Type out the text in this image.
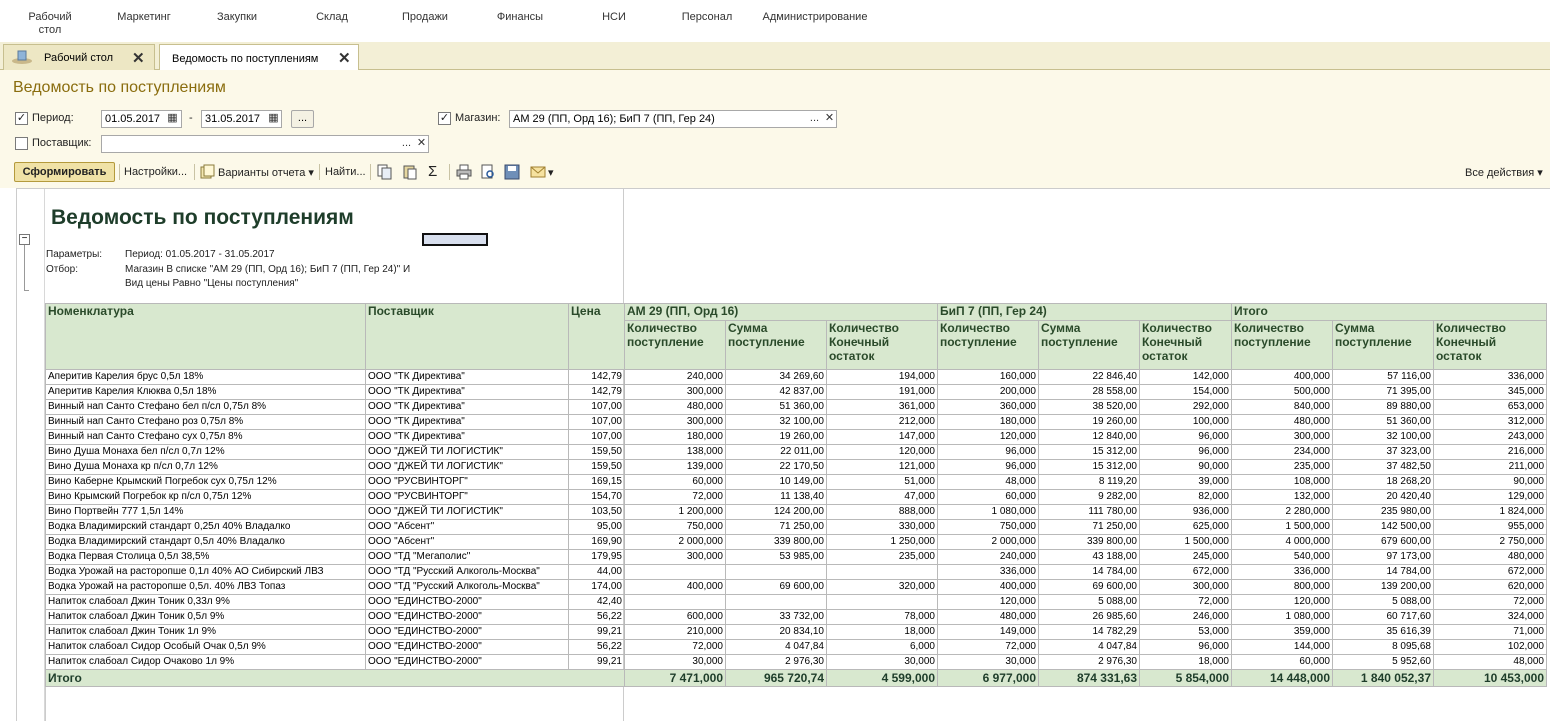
Рабочий стол
Маркетинг	Закупки	Склад	Продажи	Финансы	НСИ	Персонал	Администрирование
Рабочий стол ✕ Ведомость по поступлениям ✕
Ведомость по поступлениям
✓ Период:	01.05.2017 ▦ -	31.05.2017 ▦	...	✓ Магазин:	АМ 29 (ПП, Орд 16); БиП 7 (ПП, Гер 24)	... ✕
Поставщик:	... ✕
Сформировать	Настройки...	Варианты отчета ▾ Найти...	Σ	▾	Все действия ▾
−
Ведомость по поступлениям
Параметры: Период: 01.05.2017 - 31.05.2017
Отбор:	Магазин В списке "АМ 29 (ПП, Орд 16); БиП 7 (ПП, Гер 24)" И
Вид цены Равно "Цены поступления"
Номенклатура	Поставщик	Цена	АМ 29 (ПП, Орд 16)			БиП 7 (ПП, Гер 24)			Итого		
			Количество поступление	Сумма поступление	Количество Конечный остаток	Количество поступление	Сумма поступление	Количество Конечный остаток	Количество поступление	Сумма поступление	Количество Конечный остаток
Аперитив Карелия брус 0,5л 18%	ООО "ТК Директива"	142,79	240,000	34 269,60	194,000	160,000	22 846,40	142,000	400,000	57 116,00	336,000
Аперитив Карелия Клюква 0,5л 18%	ООО "ТК Директива"	142,79	300,000	42 837,00	191,000	200,000	28 558,00	154,000	500,000	71 395,00	345,000
Винный нап Санто Стефано бел п/сл 0,75л 8%	ООО "ТК Директива"	107,00	480,000	51 360,00	361,000	360,000	38 520,00	292,000	840,000	89 880,00	653,000
Винный нап Санто Стефано роз 0,75л 8%	ООО "ТК Директива"	107,00	300,000	32 100,00	212,000	180,000	19 260,00	100,000	480,000	51 360,00	312,000
Винный нап Санто Стефано сух 0,75л 8%	ООО "ТК Директива"	107,00	180,000	19 260,00	147,000	120,000	12 840,00	96,000	300,000	32 100,00	243,000
Вино Душа Монаха бел п/сл 0,7л 12%	ООО "ДЖЕЙ ТИ ЛОГИСТИК"	159,50	138,000	22 011,00	120,000	96,000	15 312,00	96,000	234,000	37 323,00	216,000
Вино Душа Монаха кр п/сл 0,7л 12%	ООО "ДЖЕЙ ТИ ЛОГИСТИК"	159,50	139,000	22 170,50	121,000	96,000	15 312,00	90,000	235,000	37 482,50	211,000
Вино Каберне Крымский Погребок сух 0,75л 12%	ООО "РУСВИНТОРГ"	169,15	60,000	10 149,00	51,000	48,000	8 119,20	39,000	108,000	18 268,20	90,000
Вино Крымский Погребок кр п/сл 0,75л 12%	ООО "РУСВИНТОРГ"	154,70	72,000	11 138,40	47,000	60,000	9 282,00	82,000	132,000	20 420,40	129,000
Вино Портвейн 777 1,5л 14%	ООО "ДЖЕЙ ТИ ЛОГИСТИК"	103,50	1 200,000	124 200,00	888,000	1 080,000	111 780,00	936,000	2 280,000	235 980,00	1 824,000
Водка Владимирский стандарт 0,25л 40% Владалко	ООО "Абсент"	95,00	750,000	71 250,00	330,000	750,000	71 250,00	625,000	1 500,000	142 500,00	955,000
Водка Владимирский стандарт 0,5л 40% Владалко	ООО "Абсент"	169,90	2 000,000	339 800,00	1 250,000	2 000,000	339 800,00	1 500,000	4 000,000	679 600,00	2 750,000
Водка Первая Столица 0,5л 38,5%	ООО "ТД "Мегаполис"	179,95	300,000	53 985,00	235,000	240,000	43 188,00	245,000	540,000	97 173,00	480,000
Водка Урожай на расторопше 0,1л 40% АО Сибирский ЛВЗ	ООО "ТД "Русский Алкоголь-Москва"	44,00				336,000	14 784,00	672,000	336,000	14 784,00	672,000
Водка Урожай на расторопше 0,5л. 40% ЛВЗ Топаз	ООО "ТД "Русский Алкоголь-Москва"	174,00	400,000	69 600,00	320,000	400,000	69 600,00	300,000	800,000	139 200,00	620,000
Напиток слабоал Джин Тоник 0,33л 9%	ООО "ЕДИНСТВО-2000"	42,40				120,000	5 088,00	72,000	120,000	5 088,00	72,000
Напиток слабоал Джин Тоник 0,5л 9%	ООО "ЕДИНСТВО-2000"	56,22	600,000	33 732,00	78,000	480,000	26 985,60	246,000	1 080,000	60 717,60	324,000
Напиток слабоал Джин Тоник 1л 9%	ООО "ЕДИНСТВО-2000"	99,21	210,000	20 834,10	18,000	149,000	14 782,29	53,000	359,000	35 616,39	71,000
Напиток слабоал Сидор Особый Очак 0,5л 9%	ООО "ЕДИНСТВО-2000"	56,22	72,000	4 047,84	6,000	72,000	4 047,84	96,000	144,000	8 095,68	102,000
Напиток слабоал Сидор Очаково 1л 9%	ООО "ЕДИНСТВО-2000"	99,21	30,000	2 976,30	30,000	30,000	2 976,30	18,000	60,000	5 952,60	48,000
Итого			7 471,000	965 720,74	4 599,000	6 977,000	874 331,63	5 854,000	14 448,000	1 840 052,37	10 453,000
